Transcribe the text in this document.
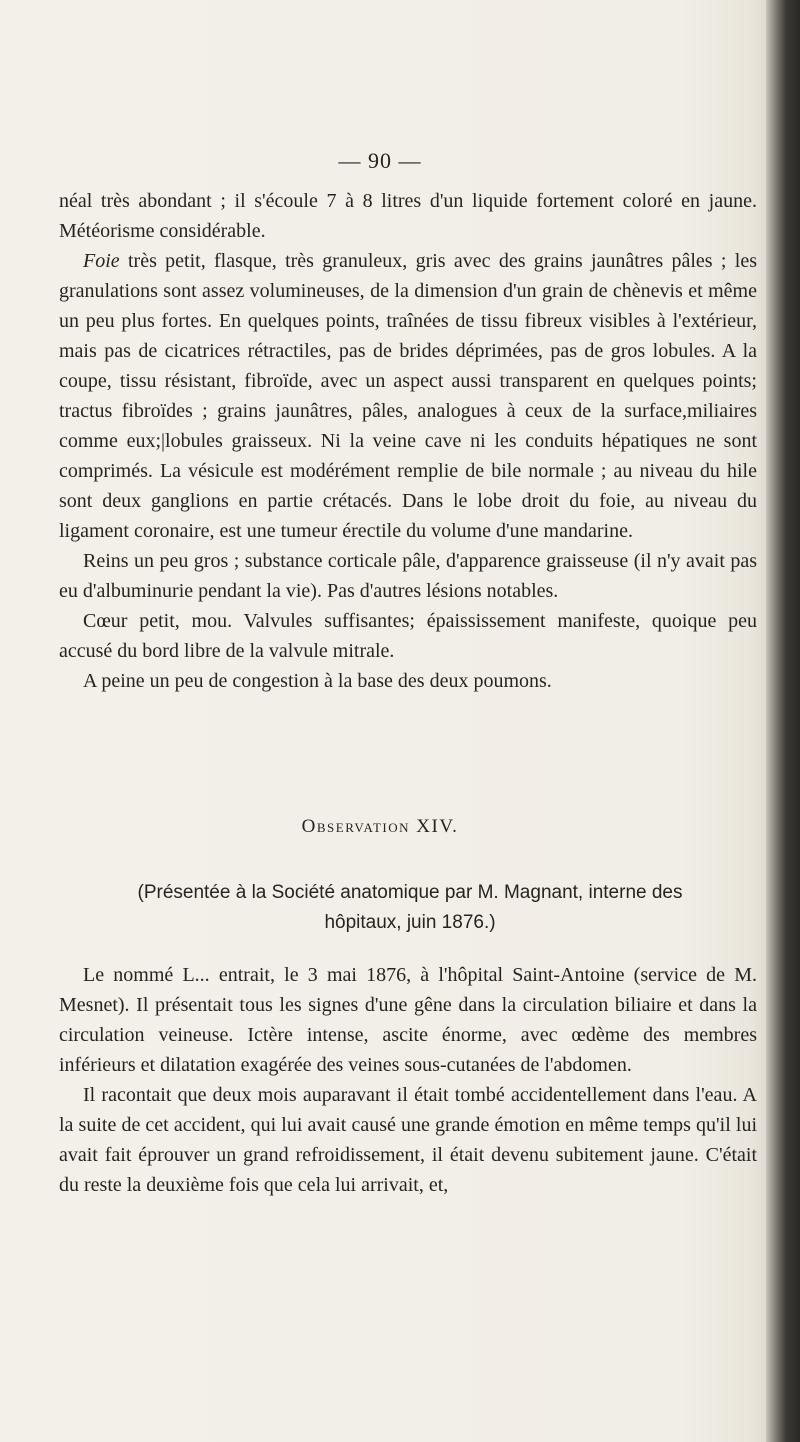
— 90 —

néal très abondant ; il s'écoule 7 à 8 litres d'un liquide fortement coloré en jaune. Météorisme considérable.

Foie très petit, flasque, très granuleux, gris avec des grains jaunâtres pâles ; les granulations sont assez volumineuses, de la dimension d'un grain de chènevis et même un peu plus fortes. En quelques points, traînées de tissu fibreux visibles à l'extérieur, mais pas de cicatrices rétractiles, pas de brides déprimées, pas de gros lobules. A la coupe, tissu résistant, fibroïde, avec un aspect aussi transparent en quelques points; tractus fibroïdes ; grains jaunâtres, pâles, analogues à ceux de la surface,miliaires comme eux;|lobules graisseux. Ni la veine cave ni les conduits hépatiques ne sont comprimés. La vésicule est modérément remplie de bile normale ; au niveau du hile sont deux ganglions en partie crétacés. Dans le lobe droit du foie, au niveau du ligament coronaire, est une tumeur érectile du volume d'une mandarine.

Reins un peu gros ; substance corticale pâle, d'apparence graisseuse (il n'y avait pas eu d'albuminurie pendant la vie). Pas d'autres lésions notables.

Cœur petit, mou. Valvules suffisantes; épaississement manifeste, quoique peu accusé du bord libre de la valvule mitrale.

A peine un peu de congestion à la base des deux poumons.

Observation XIV.
(Présentée à la Société anatomique par M. Magnant, interne des hôpitaux, juin 1876.)

Le nommé L... entrait, le 3 mai 1876, à l'hôpital Saint-Antoine (service de M. Mesnet). Il présentait tous les signes d'une gêne dans la circulation biliaire et dans la circulation veineuse. Ictère intense, ascite énorme, avec œdème des membres inférieurs et dilatation exagérée des veines sous-cutanées de l'abdomen.

Il racontait que deux mois auparavant il était tombé accidentellement dans l'eau. A la suite de cet accident, qui lui avait causé une grande émotion en même temps qu'il lui avait fait éprouver un grand refroidissement, il était devenu subitement jaune. C'était du reste la deuxième fois que cela lui arrivait, et,
